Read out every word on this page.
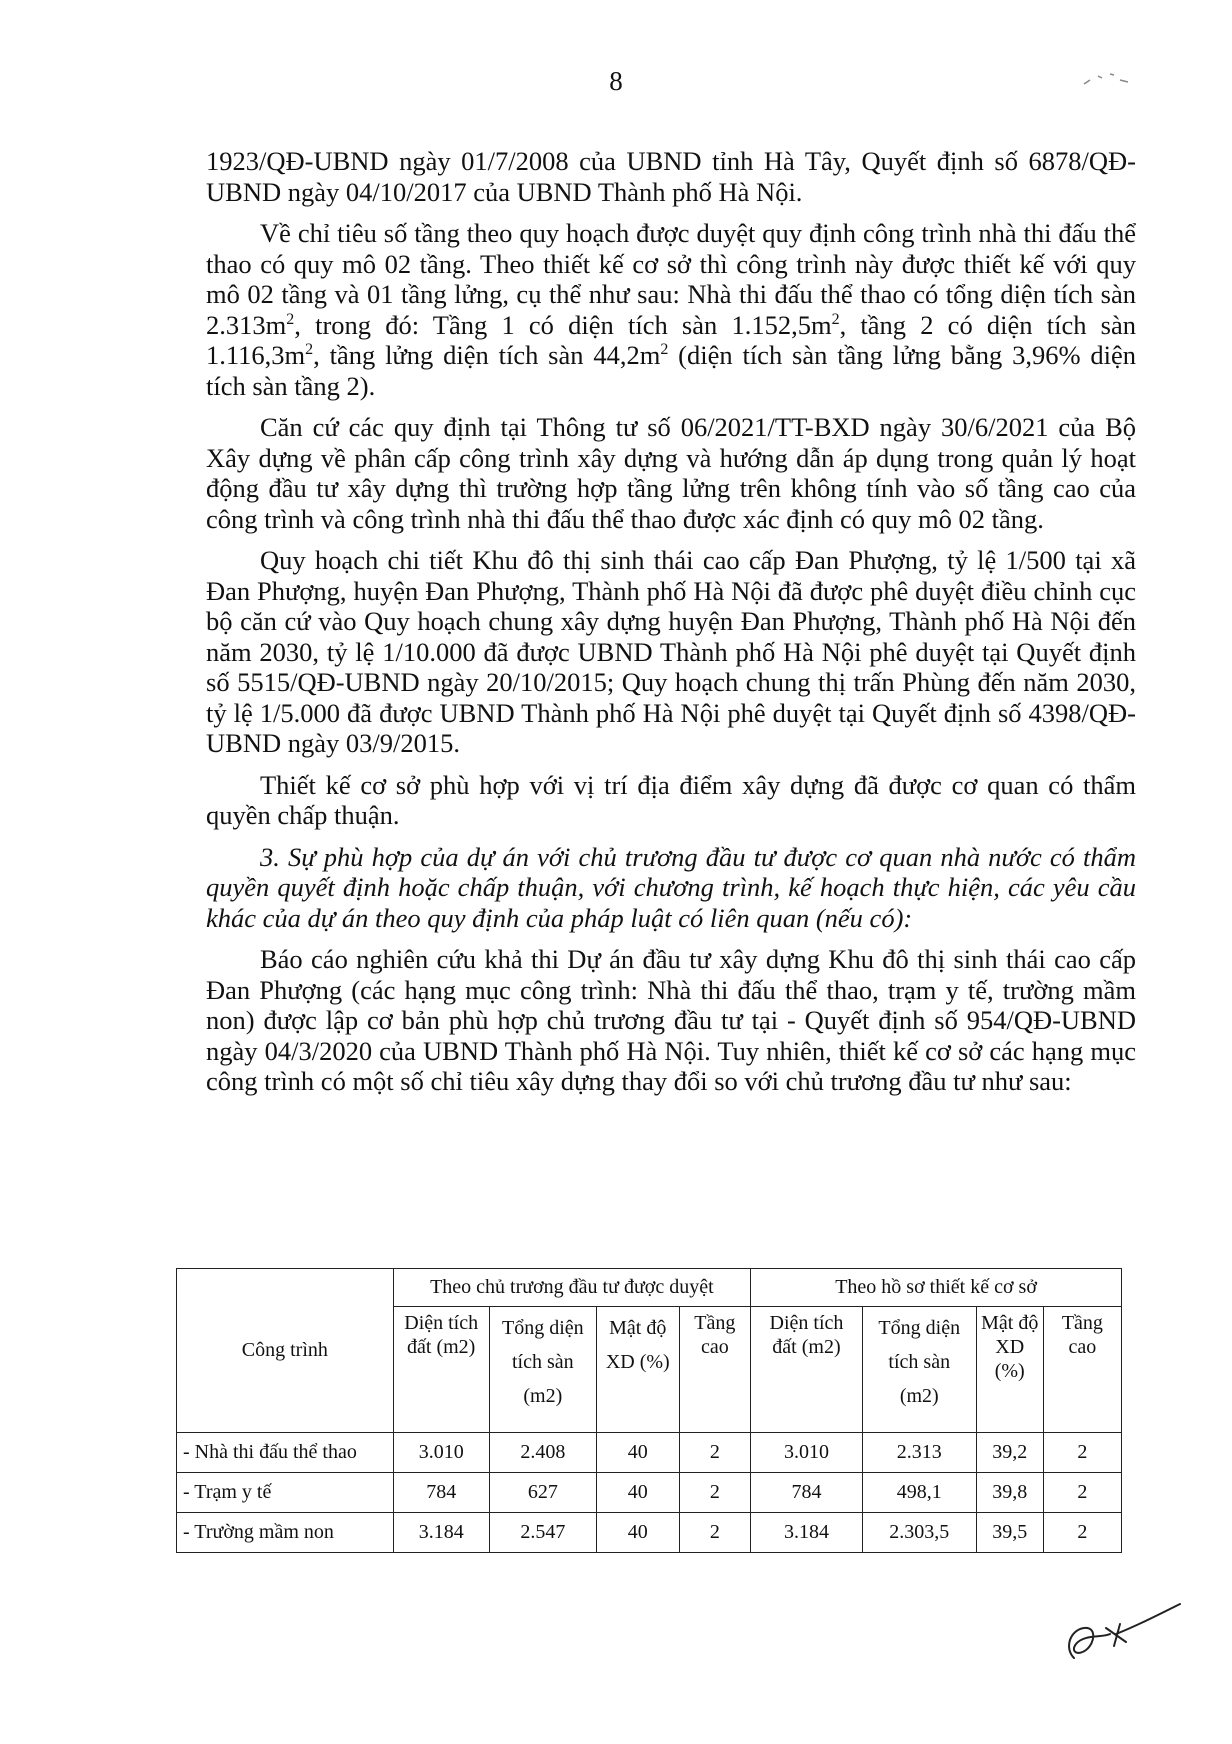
8

1923/QĐ-UBND ngày 01/7/2008 của UBND tỉnh Hà Tây, Quyết định số 6878/QĐ-UBND ngày 04/10/2017 của UBND Thành phố Hà Nội.

Về chỉ tiêu số tầng theo quy hoạch được duyệt quy định công trình nhà thi đấu thể thao có quy mô 02 tầng. Theo thiết kế cơ sở thì công trình này được thiết kế với quy mô 02 tầng và 01 tầng lửng, cụ thể như sau: Nhà thi đấu thể thao có tổng diện tích sàn $2.313m^2$, trong đó: Tầng 1 có diện tích sàn $1.152,5m^2$, tầng 2 có diện tích sàn $1.116,3m^2$, tầng lửng diện tích sàn $44,2m^2$ (diện tích sàn tầng lửng bằng 3,96% diện tích sàn tầng 2).

Căn cứ các quy định tại Thông tư số 06/2021/TT-BXD ngày 30/6/2021 của Bộ Xây dựng về phân cấp công trình xây dựng và hướng dẫn áp dụng trong quản lý hoạt động đầu tư xây dựng thì trường hợp tầng lửng trên không tính vào số tầng cao của công trình và công trình nhà thi đấu thể thao được xác định có quy mô 02 tầng.

Quy hoạch chi tiết Khu đô thị sinh thái cao cấp Đan Phượng, tỷ lệ 1/500 tại xã Đan Phượng, huyện Đan Phượng, Thành phố Hà Nội đã được phê duyệt điều chỉnh cục bộ căn cứ vào Quy hoạch chung xây dựng huyện Đan Phượng, Thành phố Hà Nội đến năm 2030, tỷ lệ 1/10.000 đã được UBND Thành phố Hà Nội phê duyệt tại Quyết định số 5515/QĐ-UBND ngày 20/10/2015; Quy hoạch chung thị trấn Phùng đến năm 2030, tỷ lệ 1/5.000 đã được UBND Thành phố Hà Nội phê duyệt tại Quyết định số 4398/QĐ-UBND ngày 03/9/2015.

Thiết kế cơ sở phù hợp với vị trí địa điểm xây dựng đã được cơ quan có thẩm quyền chấp thuận.

3. Sự phù hợp của dự án với chủ trương đầu tư được cơ quan nhà nước có thẩm quyền quyết định hoặc chấp thuận, với chương trình, kế hoạch thực hiện, các yêu cầu khác của dự án theo quy định của pháp luật có liên quan (nếu có):

Báo cáo nghiên cứu khả thi Dự án đầu tư xây dựng Khu đô thị sinh thái cao cấp Đan Phượng (các hạng mục công trình: Nhà thi đấu thể thao, trạm y tế, trường mầm non) được lập cơ bản phù hợp chủ trương đầu tư tại - Quyết định số 954/QĐ-UBND ngày 04/3/2020 của UBND Thành phố Hà Nội. Tuy nhiên, thiết kế cơ sở các hạng mục công trình có một số chỉ tiêu xây dựng thay đổi so với chủ trương đầu tư như sau:

Công trình	Theo chủ trương đầu tư được duyệt				Theo hồ sơ thiết kế cơ sở			
	Diện tích đất (m2)	Tổng diện tích sàn (m2)	Mật độ XD (%)	Tầng cao	Diện tích đất (m2)	Tổng diện tích sàn (m2)	Mật độ XD (%)	Tầng cao
- Nhà thi đấu thể thao	3.010	2.408	40	2	3.010	2.313	39,2	2
- Trạm y tế	784	627	40	2	784	498,1	39,8	2
- Trường mầm non	3.184	2.547	40	2	3.184	2.303,5	39,5	2
